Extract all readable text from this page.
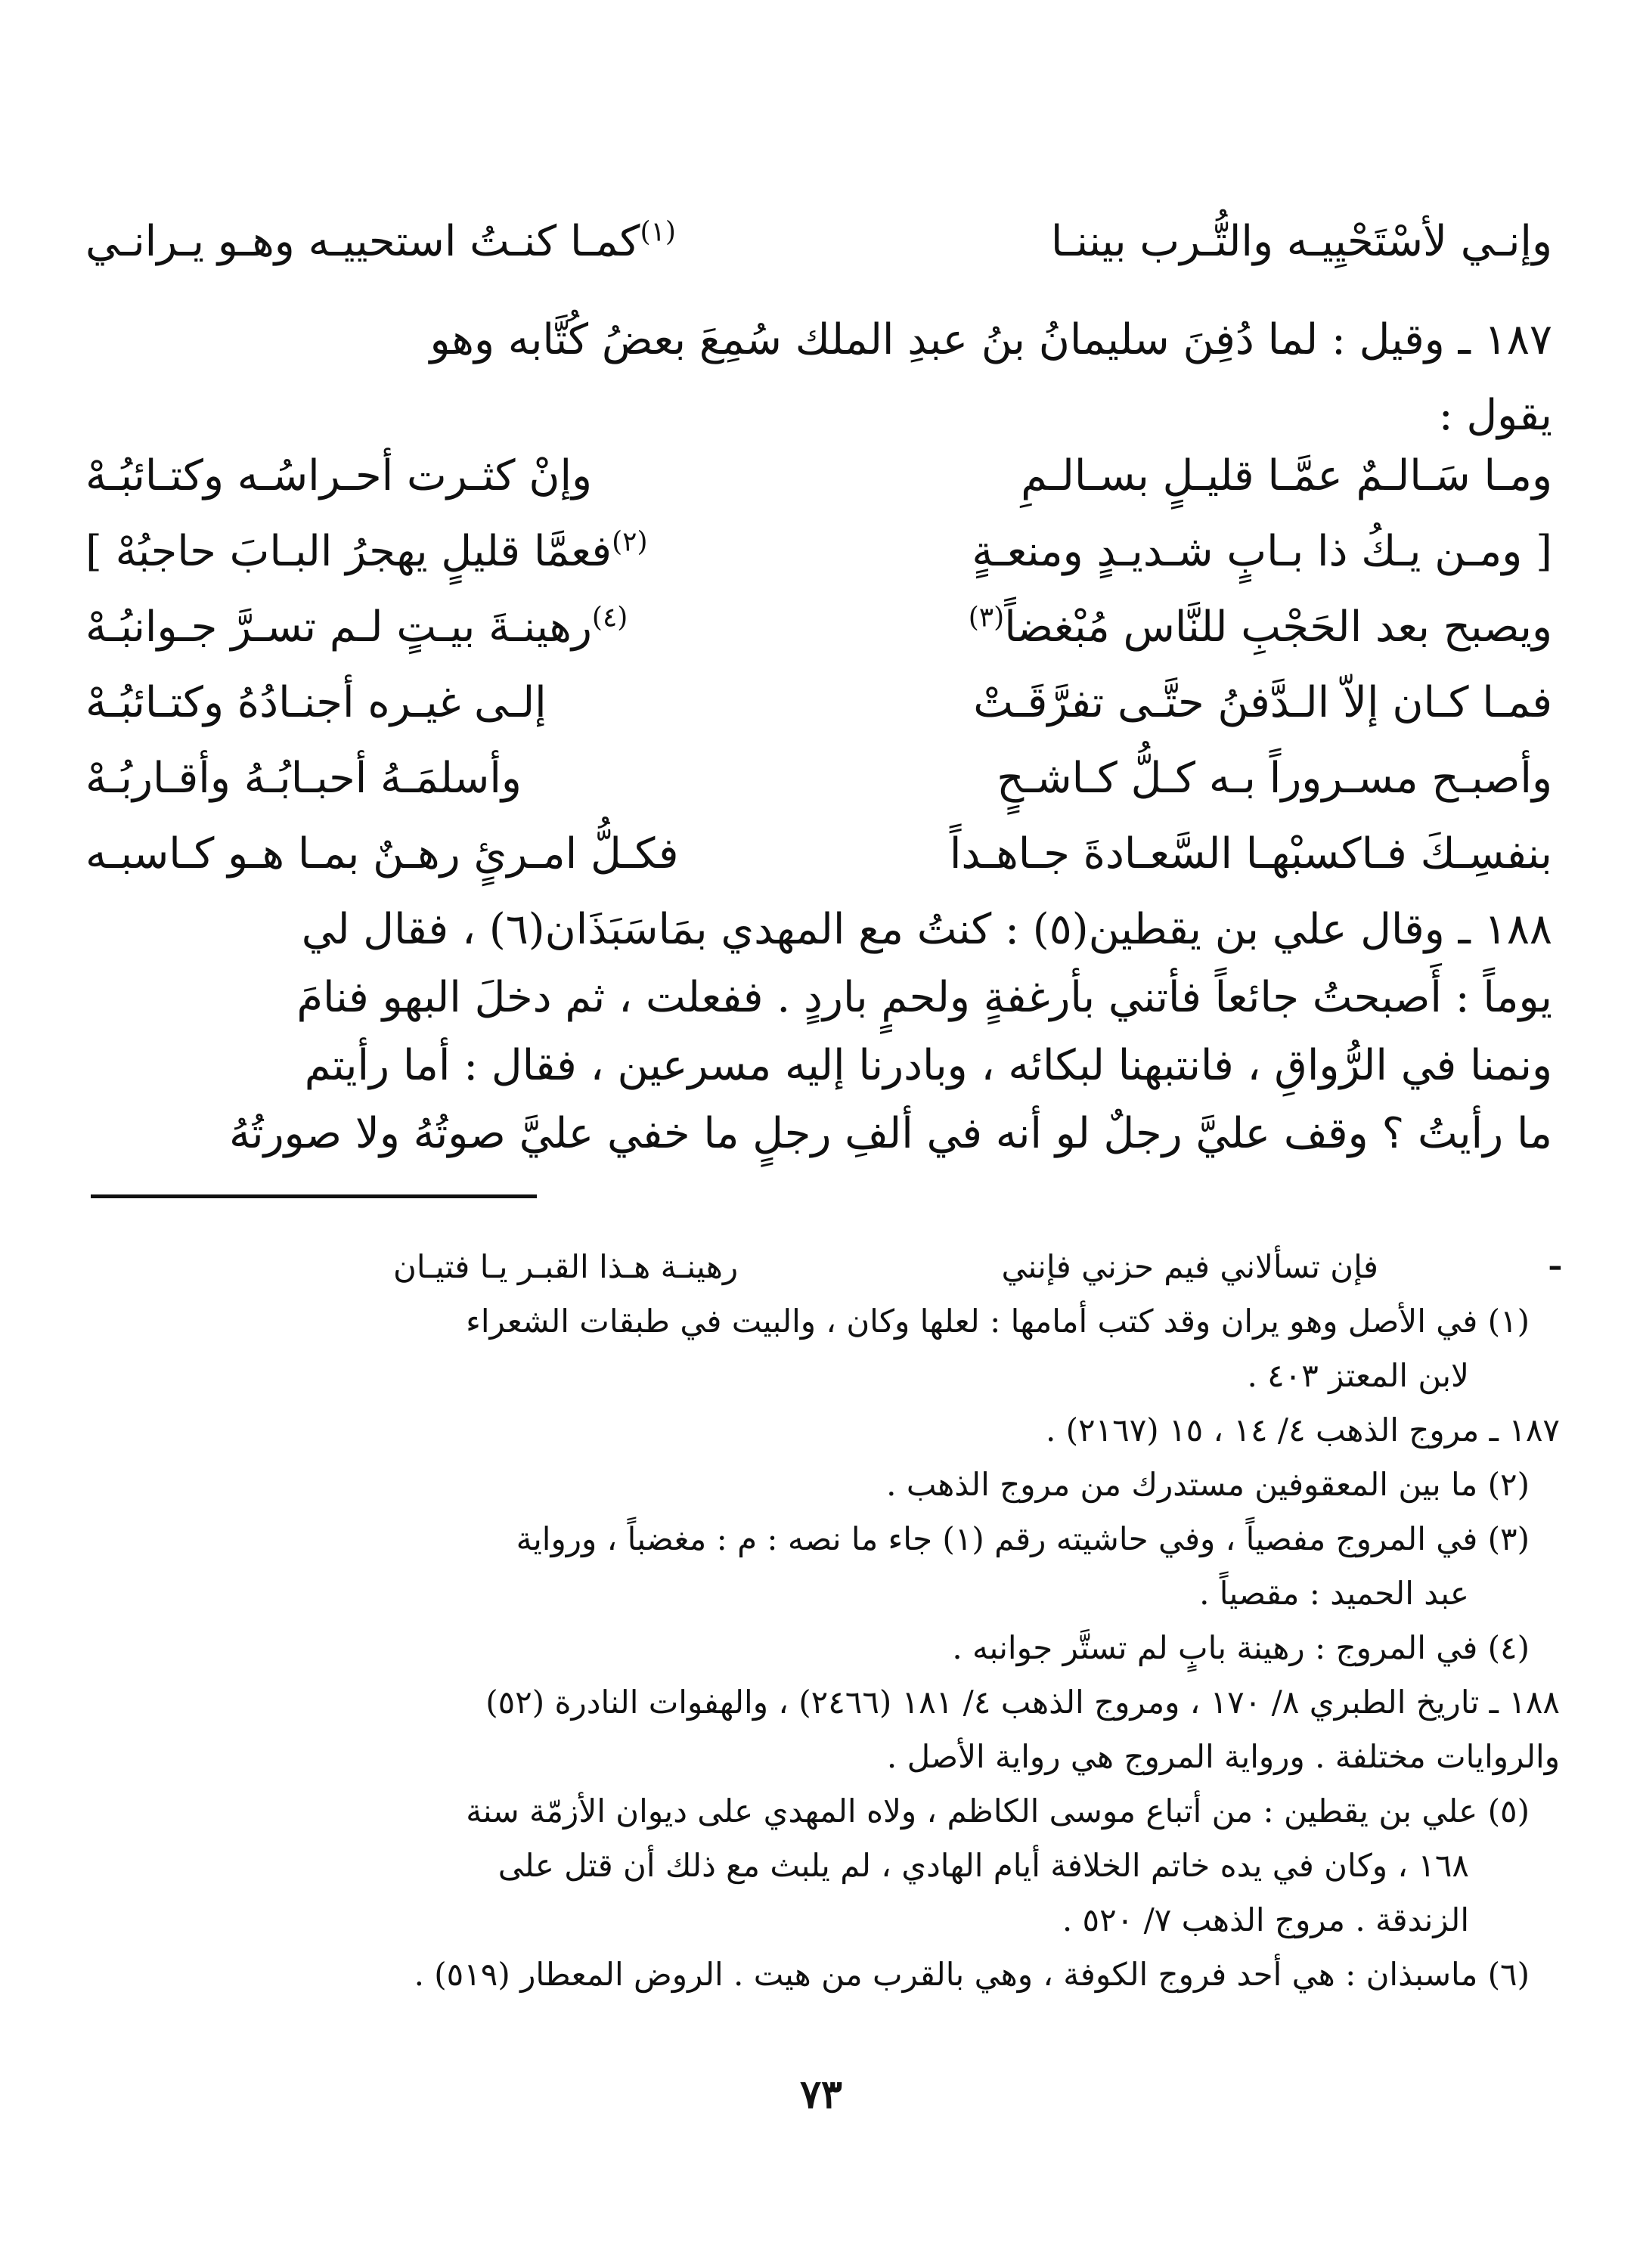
وإنـي لأسْتَحْيِيـه والتُّـرب بيننـا
$^{(١)}$كمـا كنـتُ استحييـه وهـو يـرانـي
١٨٧ ـ وقيل : لما دُفِنَ سليمانُ بنُ عبدِ الملك سُمِعَ بعضُ كُتَّابه وهو
يقول :
ومـا سَـالـمٌ عمَّـا قليـلٍ بسـالـمِ
وإنْ كثـرت أحـراسُـه وكتـائبُـهْ
[ ومـن يـكُ ذا بـابٍ شـديـدٍ ومنعـةٍ
$^{(٢)}$فعمَّا قليلٍ يهجرُ البـابَ حاجبُهْ ]
ويصبح بعد الحَجْبِ للنَّاس مُبْغضاً$^{(٣)}$
$^{(٤)}$رهينـةَ بيـتٍ لـم تسـرَّ جـوانبُـهْ
فمـا كـان إلاّ الـدَّفنُ حتَّـى تفرَّقَـتْ
إلـى غيـره أجنـادُهُ وكتـائبُـهْ
وأصبـح مسـروراً بـه كـلُّ كـاشـحٍ
وأسلمَـهُ أحبـابُـهُ وأقـاربُـهْ
بنفسِـكَ فـاكسبْهـا السَّعـادةَ جـاهـداً
فكـلُّ امـرئٍ رهـنٌ بمـا هـو كـاسبـه
١٨٨ ـ وقال علي بن يقطين(٥) : كنتُ مع المهدي بمَاسَبَذَان(٦) ، فقال لي
يوماً : أَصبحتُ جائعاً فأتني بأرغفةٍ ولحمٍ باردٍ . ففعلت ، ثم دخلَ البهو فنامَ
ونمنا في الرُّواقِ ، فانتبهنا لبكائه ، وبادرنا إليه مسرعين ، فقال : أما رأيتم
ما رأيتُ ؟ وقف عليَّ رجلٌ لو أنه في ألفِ رجلٍ ما خفي عليَّ صوتُهُ ولا صورتُهُ
ـ
فإن تسألاني فيم حزني فإنني
رهينـة هـذا القبـر يـا فتيـان
(١) في الأصل وهو يران وقد كتب أمامها : لعلها وكان ، والبيت في طبقات الشعراء
لابن المعتز ٤٠٣ .
١٨٧ ـ مروج الذهب ٤/ ١٤ ، ١٥ (٢١٦٧) .
(٢) ما بين المعقوفين مستدرك من مروج الذهب .
(٣) في المروج مفصياً ، وفي حاشيته رقم (١) جاء ما نصه : م : مغضباً ، ورواية
عبد الحميد : مقصياً .
(٤) في المروج : رهينة بابٍ لم تستَّر جوانبه .
١٨٨ ـ تاريخ الطبري ٨/ ١٧٠ ، ومروج الذهب ٤/ ١٨١ (٢٤٦٦) ، والهفوات النادرة (٥٢)
والروايات مختلفة . ورواية المروج هي رواية الأصل .
(٥) علي بن يقطين : من أتباع موسى الكاظم ، ولاه المهدي على ديوان الأزمّة سنة
١٦٨ ، وكان في يده خاتم الخلافة أيام الهادي ، لم يلبث مع ذلك أن قتل على
الزندقة . مروج الذهب ٧/ ٥٢٠ .
(٦) ماسبذان : هي أحد فروج الكوفة ، وهي بالقرب من هيت . الروض المعطار (٥١٩) .
٧٣
